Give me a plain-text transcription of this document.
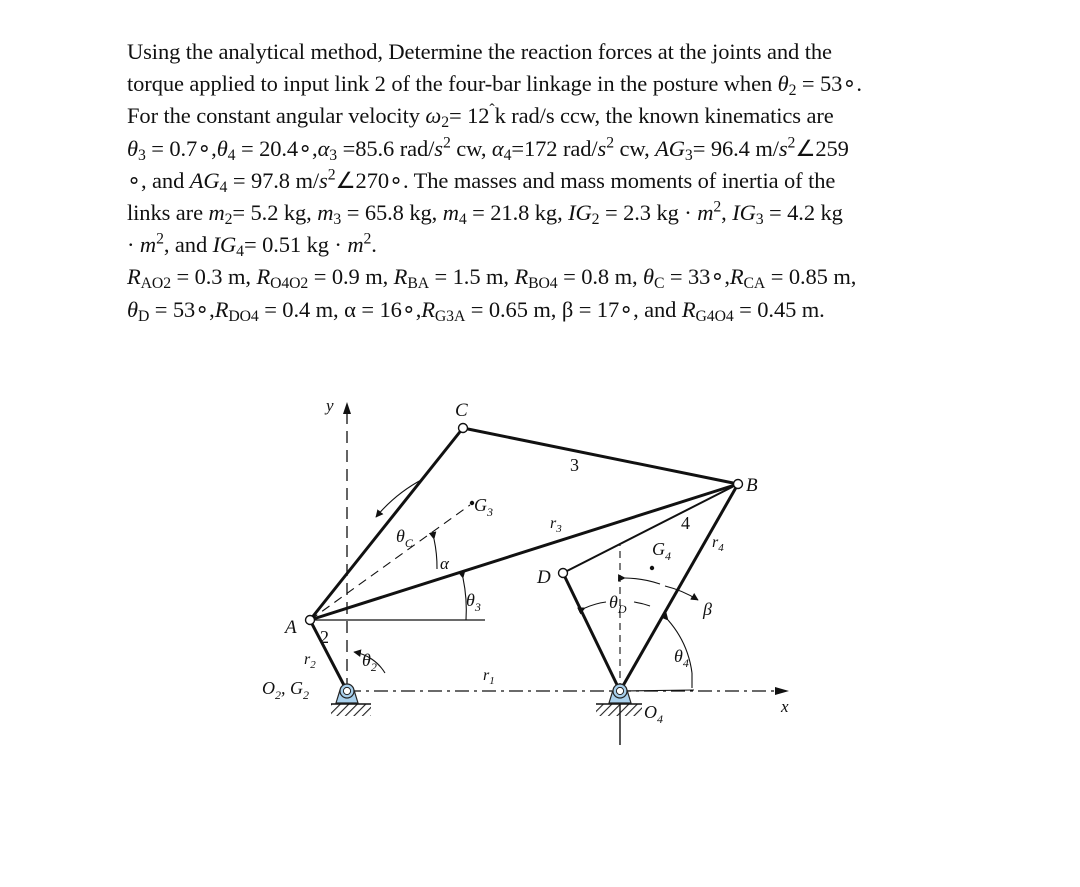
Using the analytical method, Determine the reaction forces at the joints and the

torque applied to input link 2 of the four-bar linkage in the posture when $\theta_2$ = 53∘.

For the constant angular velocity $\omega_2= 12^ˆk$ rad/s ccw, the known kinematics are

$\theta_3$ = $0.7\circ,\theta_4$ = $20.4\circ,\alpha_3 =85.6$ rad/$s^2$ cw, $\alpha_4=172$ rad/$s^2$ cw, $AG_3= 96.4$ $m/s^2\angle 259$

∘, and $AG_4 = 97.8$ $m/s^2\angle 270\circ$. The masses and mass moments of inertia of the

links are $m_2= 5.2$ kg, $m_3 = 65.8$ kg, $m_4 = 21.8$ kg, $IG_2 = 2.3$ kg · $m^2$, $IG_3 = 4.2$ kg

· $m^2$, and $IG_4= 0.51$ kg · $m^2$.

$R_{AO2} = 0.3$ m, $R_{O4O2} = 0.9$ m, $R_{BA} = 1.5$ m, $R_{BO4} = 0.8$ m, $\theta_C$ = $33\circ,R_{CA} = 0.85$ m,

$\theta_D$ = $53\circ,R_{DO4} = 0.4$ m, $\alpha = 16\circ,R_{G3A} = 0.65$ m, β = 17∘, and $R_{G4O4} = 0.45$ m.

y
x
C
B
A
D
3
4
2
$G_3$
$G_4$
$r_3$
$r_4$
$r_2$
$r_1$
$\theta_C$
α
$\theta_3$
$\theta_2$
$\theta_D$	β
$\theta_4$
$O_2$, $G_2$
$O_4$
